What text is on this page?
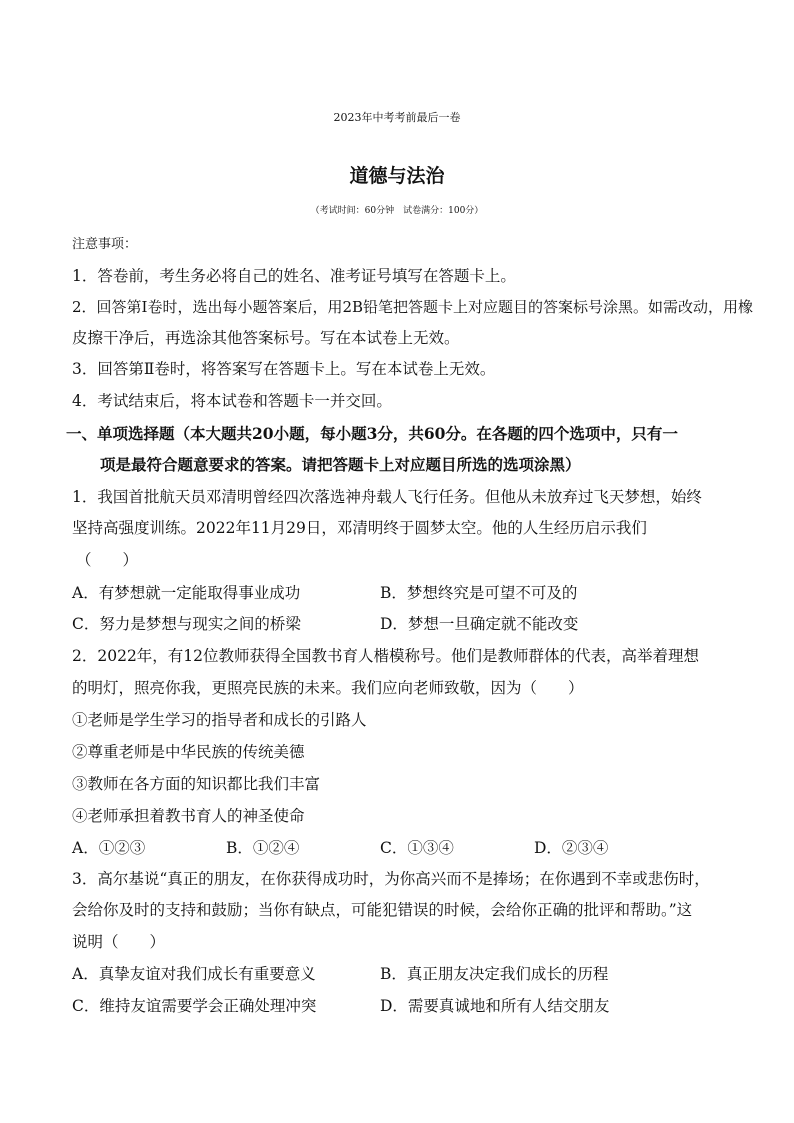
2023年中考考前最后一卷
道德与法治
（考试时间：60分钟　试卷满分：100分）
注意事项：
1．答卷前，考生务必将自己的姓名、准考证号填写在答题卡上。
2．回答第Ⅰ卷时，选出每小题答案后，用2B铅笔把答题卡上对应题目的答案标号涂黑。如需改动，用橡
皮擦干净后，再选涂其他答案标号。写在本试卷上无效。
3．回答第Ⅱ卷时，将答案写在答题卡上。写在本试卷上无效。
4．考试结束后，将本试卷和答题卡一并交回。
一、单项选择题（本大题共20小题，每小题3分，共60分。在各题的四个选项中，只有一
项是最符合题意要求的答案。请把答题卡上对应题目所选的选项涂黑）
1．我国首批航天员邓清明曾经四次落选神舟载人飞行任务。但他从未放弃过飞天梦想，始终
坚持高强度训练。2022年11月29日，邓清明终于圆梦太空。他的人生经历启示我们
（　　）
A．有梦想就一定能取得事业成功	B．梦想终究是可望不可及的
C．努力是梦想与现实之间的桥梁	D．梦想一旦确定就不能改变
2．2022年，有12位教师获得全国教书育人楷模称号。他们是教师群体的代表，高举着理想
的明灯，照亮你我，更照亮民族的未来。我们应向老师致敬，因为（　　）
①老师是学生学习的指导者和成长的引路人
②尊重老师是中华民族的传统美德
③教师在各方面的知识都比我们丰富
④老师承担着教书育人的神圣使命
A．①②③	B．①②④	C．①③④	D．②③④
3．高尔基说“真正的朋友，在你获得成功时，为你高兴而不是捧场；在你遇到不幸或悲伤时，
会给你及时的支持和鼓励；当你有缺点，可能犯错误的时候，会给你正确的批评和帮助。”这
说明（　　）
A．真挚友谊对我们成长有重要意义	B．真正朋友决定我们成长的历程
C．维持友谊需要学会正确处理冲突	D．需要真诚地和所有人结交朋友
